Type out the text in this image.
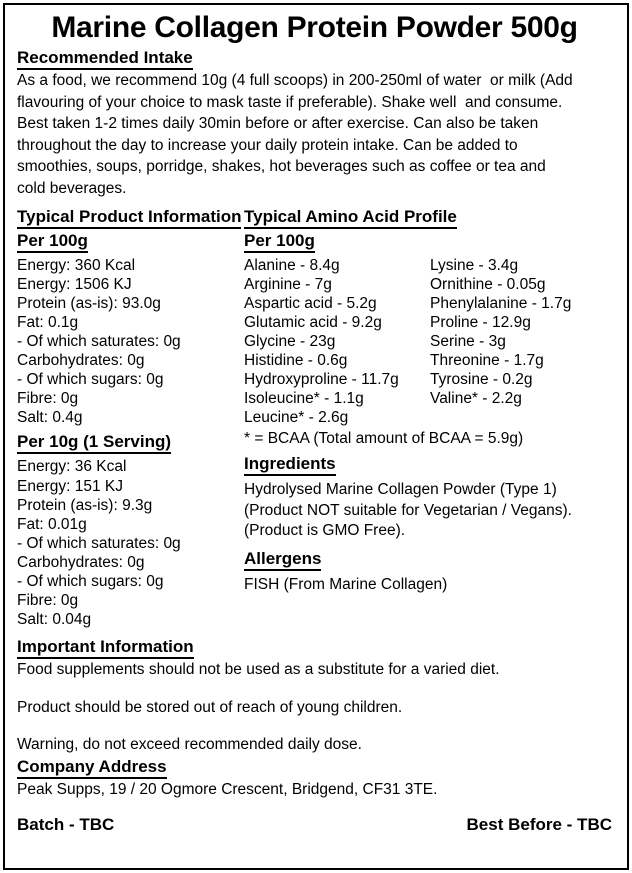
Marine Collagen Protein Powder 500g
Recommended Intake
As a food, we recommend 10g (4 full scoops) in 200-250ml of water  or milk (Add
flavouring of your choice to mask taste if preferable). Shake well  and consume.
Best taken 1-2 times daily 30min before or after exercise. Can also be taken
throughout the day to increase your daily protein intake. Can be added to
smoothies, soups, porridge, shakes, hot beverages such as coffee or tea and
cold beverages.
Typical Product Information
Per 100g
Energy: 360 Kcal
Energy: 1506 KJ
Protein (as-is): 93.0g
Fat: 0.1g
- Of which saturates: 0g
Carbohydrates: 0g
- Of which sugars: 0g
Fibre: 0g
Salt: 0.4g
Per 10g (1 Serving)
Energy: 36 Kcal
Energy: 151 KJ
Protein (as-is): 9.3g
Fat: 0.01g
- Of which saturates: 0g
Carbohydrates: 0g
- Of which sugars: 0g
Fibre: 0g
Salt: 0.04g
Typical Amino Acid Profile
Per 100g
Alanine - 8.4g
Arginine - 7g
Aspartic acid - 5.2g
Glutamic acid - 9.2g
Glycine - 23g
Histidine - 0.6g
Hydroxyproline - 11.7g
Isoleucine* - 1.1g
Leucine* - 2.6g
Lysine - 3.4g
Ornithine - 0.05g
Phenylalanine - 1.7g
Proline - 12.9g
Serine - 3g
Threonine - 1.7g
Tyrosine - 0.2g
Valine* - 2.2g
* = BCAA (Total amount of BCAA = 5.9g)
Ingredients
Hydrolysed Marine Collagen Powder (Type 1)
(Product NOT suitable for Vegetarian / Vegans).
(Product is GMO Free).
Allergens
FISH (From Marine Collagen)
Important Information
Food supplements should not be used as a substitute for a varied diet.
Product should be stored out of reach of young children.
Warning, do not exceed recommended daily dose.
Company Address
Peak Supps, 19 / 20 Ogmore Crescent, Bridgend, CF31 3TE.
Batch - TBC	Best Before - TBC
